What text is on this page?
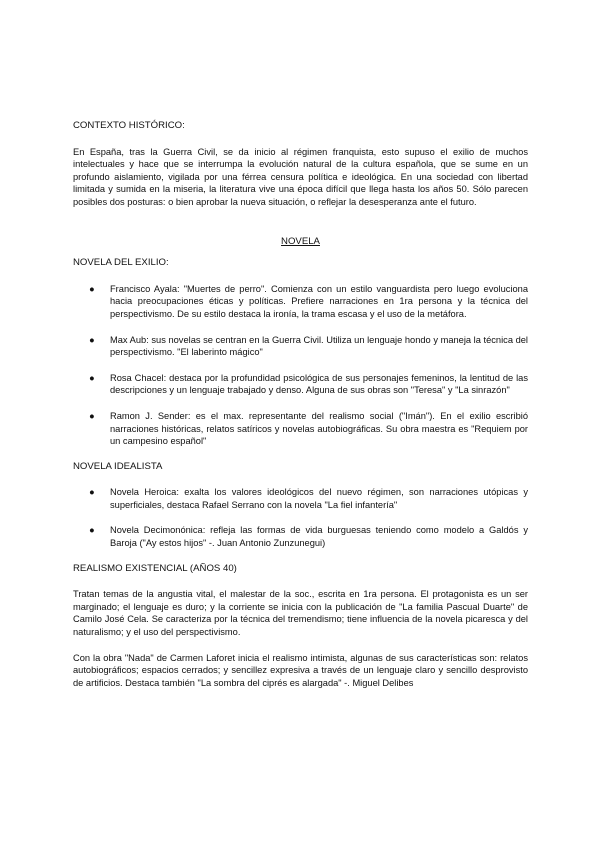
CONTEXTO HISTÓRICO:

En España, tras la Guerra Civil, se da inicio al régimen franquista, esto supuso el exilio de muchos intelectuales y hace que se interrumpa la evolución natural de la cultura española, que se sume en un profundo aislamiento, vigilada por una férrea censura política e ideológica. En una sociedad con libertad limitada y sumida en la miseria, la literatura vive una época difícil que llega hasta los años 50. Sólo parecen posibles dos posturas: o bien aprobar la nueva situación, o reflejar la desesperanza ante el futuro.

NOVELA

NOVELA DEL EXILIO:

● Francisco Ayala: "Muertes de perro". Comienza con un estilo vanguardista pero luego evoluciona hacia preocupaciones éticas y políticas. Prefiere narraciones en 1ra persona y la técnica del perspectivismo. De su estilo destaca la ironía, la trama escasa y el uso de la metáfora.
● Max Aub: sus novelas se centran en la Guerra Civil. Utiliza un lenguaje hondo y maneja la técnica del perspectivismo. "El laberinto mágico"
● Rosa Chacel: destaca por la profundidad psicológica de sus personajes femeninos, la lentitud de las descripciones y un lenguaje trabajado y denso. Alguna de sus obras son "Teresa" y "La sinrazón"
● Ramon J. Sender: es el max. representante del realismo social ("Imán"). En el exilio escribió narraciones históricas, relatos satíricos y novelas autobiográficas. Su obra maestra es "Requiem por un campesino español"

NOVELA IDEALISTA

● Novela Heroica: exalta los valores ideológicos del nuevo régimen, son narraciones utópicas y superficiales, destaca Rafael Serrano con la novela "La fiel infantería"
● Novela Decimonónica: refleja las formas de vida burguesas teniendo como modelo a Galdós y Baroja ("Ay estos hijos" -. Juan Antonio Zunzunegui)

REALISMO EXISTENCIAL (AÑOS 40)

Tratan temas de la angustia vital, el malestar de la soc., escrita en 1ra persona. El protagonista es un ser marginado; el lenguaje es duro; y la corriente se inicia con la publicación de "La familia Pascual Duarte" de Camilo José Cela. Se caracteriza por la técnica del tremendismo; tiene influencia de la novela picaresca y del naturalismo; y el uso del perspectivismo.

Con la obra "Nada" de Carmen Laforet inicia el realismo intimista, algunas de sus características son: relatos autobiográficos; espacios cerrados; y sencillez expresiva a través de un lenguaje claro y sencillo desprovisto de artificios. Destaca también "La sombra del ciprés es alargada" -. Miguel Delibes
